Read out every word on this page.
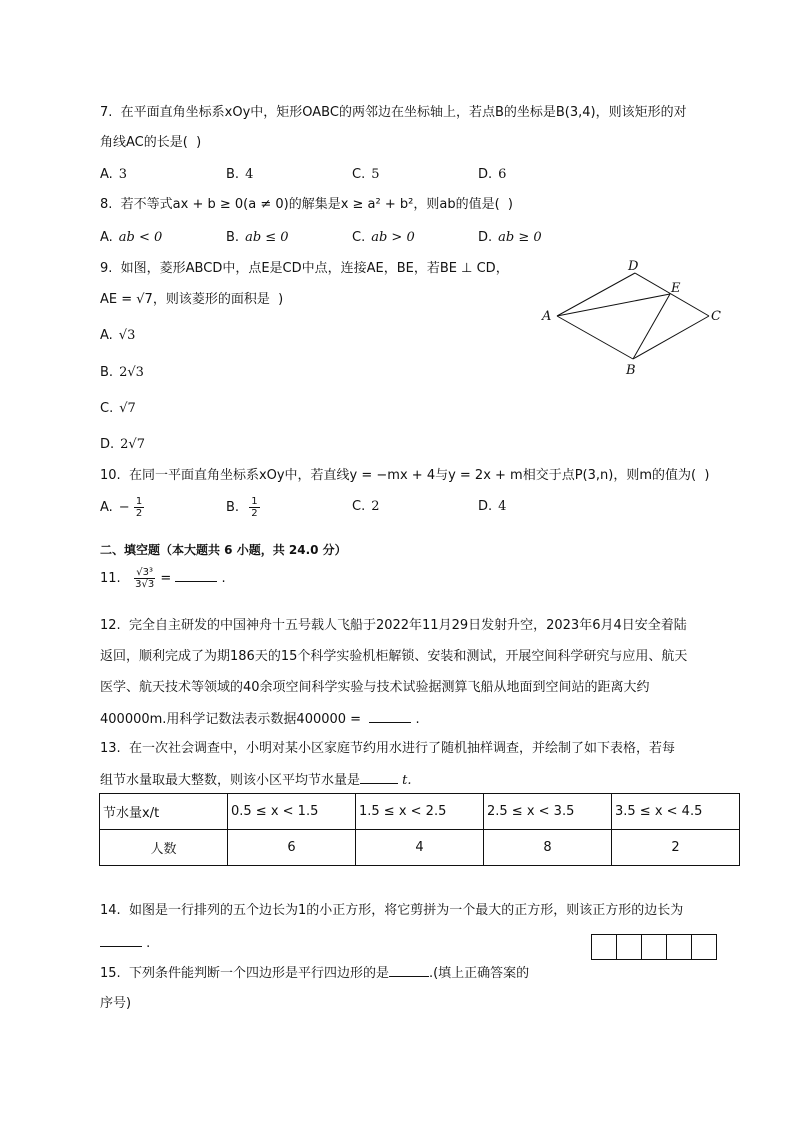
7.  在平面直角坐标系xOy中，矩形OABC的两邻边在坐标轴上，若点B的坐标是B(3,4)，则该矩形的对
角线AC的长是(  )
A. 3	B. 4	C. 5	D. 6
8.  若不等式ax + b ≥ 0(a ≠ 0)的解集是x ≥ a² + b²，则ab的值是(  )
A. ab < 0	B. ab ≤ 0	C. ab > 0	D. ab ≥ 0
9.  如图，菱形ABCD中，点E是CD中点，连接AE，BE，若BE ⊥ CD，
AE = √7，则该菱形的面积是  )
A. √3
B. 2√3
C. √7
D. 2√7
A
D
E
C
B
10.  在同一平面直角坐标系xOy中，若直线y = −mx + 4与y = 2x + m相交于点P(3,n)，则m的值为(  )
A. − $\frac{1}{2}$	B. $\frac{1}{2}$	C. 2	D. 4
二、填空题（本大题共 6 小题，共 24.0 分）
11. $\frac{\text{√3³}}{3√3}$ =	.
12.  完全自主研发的中国神舟十五号载人飞船于2022年11月29日发射升空，2023年6月4日安全着陆
返回，顺利完成了为期186天的15个科学实验机柜解锁、安装和测试，开展空间科学研究与应用、航天
医学、航天技术等领域的40余项空间科学实验与技术试验据测算飞船从地面到空间站的距离大约
400000m.用科学记数法表示数据400000 =	.
13.  在一次社会调查中，小明对某小区家庭节约用水进行了随机抽样调查，并绘制了如下表格，若每
组节水量取最大整数，则该小区平均节水量是	t.
节水量x/t	0.5 ≤ x < 1.5	1.5 ≤ x < 2.5	2.5 ≤ x < 3.5	3.5 ≤ x < 4.5
人数	6	4	8	2
14.  如图是一行排列的五个边长为1的小正方形，将它剪拼为一个最大的正方形，则该正方形的边长为
.
15.  下列条件能判断一个四边形是平行四边形的是	.(填上正确答案的
序号)
